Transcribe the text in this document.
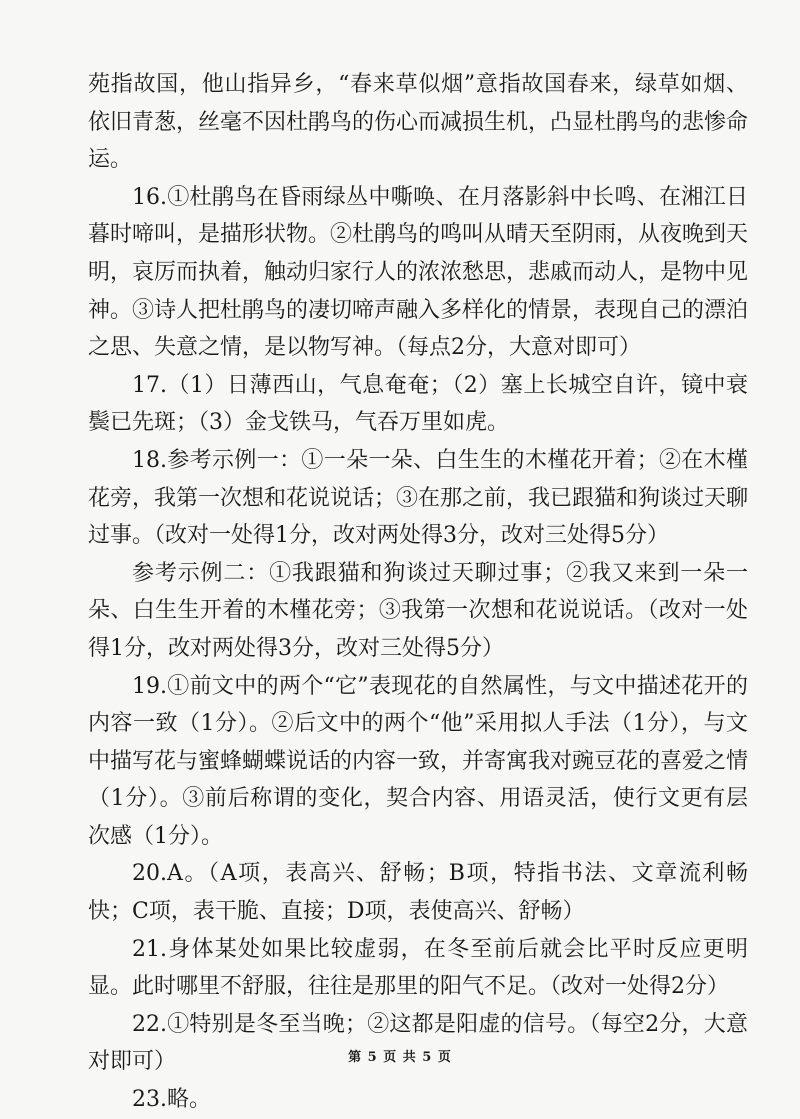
苑指故国，他山指异乡，“春来草似烟”意指故国春来，绿草如烟、依旧青葱，丝毫不因杜鹃鸟的伤心而减损生机，凸显杜鹃鸟的悲惨命运。

16.①杜鹃鸟在昏雨绿丛中嘶唤、在月落影斜中长鸣、在湘江日暮时啼叫，是描形状物。②杜鹃鸟的鸣叫从晴天至阴雨，从夜晚到天明，哀厉而执着，触动归家行人的浓浓愁思，悲戚而动人，是物中见神。③诗人把杜鹃鸟的凄切啼声融入多样化的情景，表现自己的漂泊之思、失意之情，是以物写神。（每点2分，大意对即可）

17.（1）日薄西山，气息奄奄；（2）塞上长城空自许，镜中衰鬓已先斑；（3）金戈铁马，气吞万里如虎。

18.参考示例一：①一朵一朵、白生生的木槿花开着；②在木槿花旁，我第一次想和花说说话；③在那之前，我已跟猫和狗谈过天聊过事。（改对一处得1分，改对两处得3分，改对三处得5分）

参考示例二：①我跟猫和狗谈过天聊过事；②我又来到一朵一朵、白生生开着的木槿花旁；③我第一次想和花说说话。（改对一处得1分，改对两处得3分，改对三处得5分）

19.①前文中的两个“它”表现花的自然属性，与文中描述花开的内容一致（1分）。②后文中的两个“他”采用拟人手法（1分），与文中描写花与蜜蜂蝴蝶说话的内容一致，并寄寓我对豌豆花的喜爱之情（1分）。③前后称谓的变化，契合内容、用语灵活，使行文更有层次感（1分）。

20.A。（A项，表高兴、舒畅；B项，特指书法、文章流利畅快；C项，表干脆、直接；D项，表使高兴、舒畅）

21.身体某处如果比较虚弱，在冬至前后就会比平时反应更明显。此时哪里不舒服，往往是那里的阳气不足。（改对一处得2分）

22.①特别是冬至当晚；②这都是阳虚的信号。（每空2分，大意对即可）

23.略。

第 5 页 共 5 页
